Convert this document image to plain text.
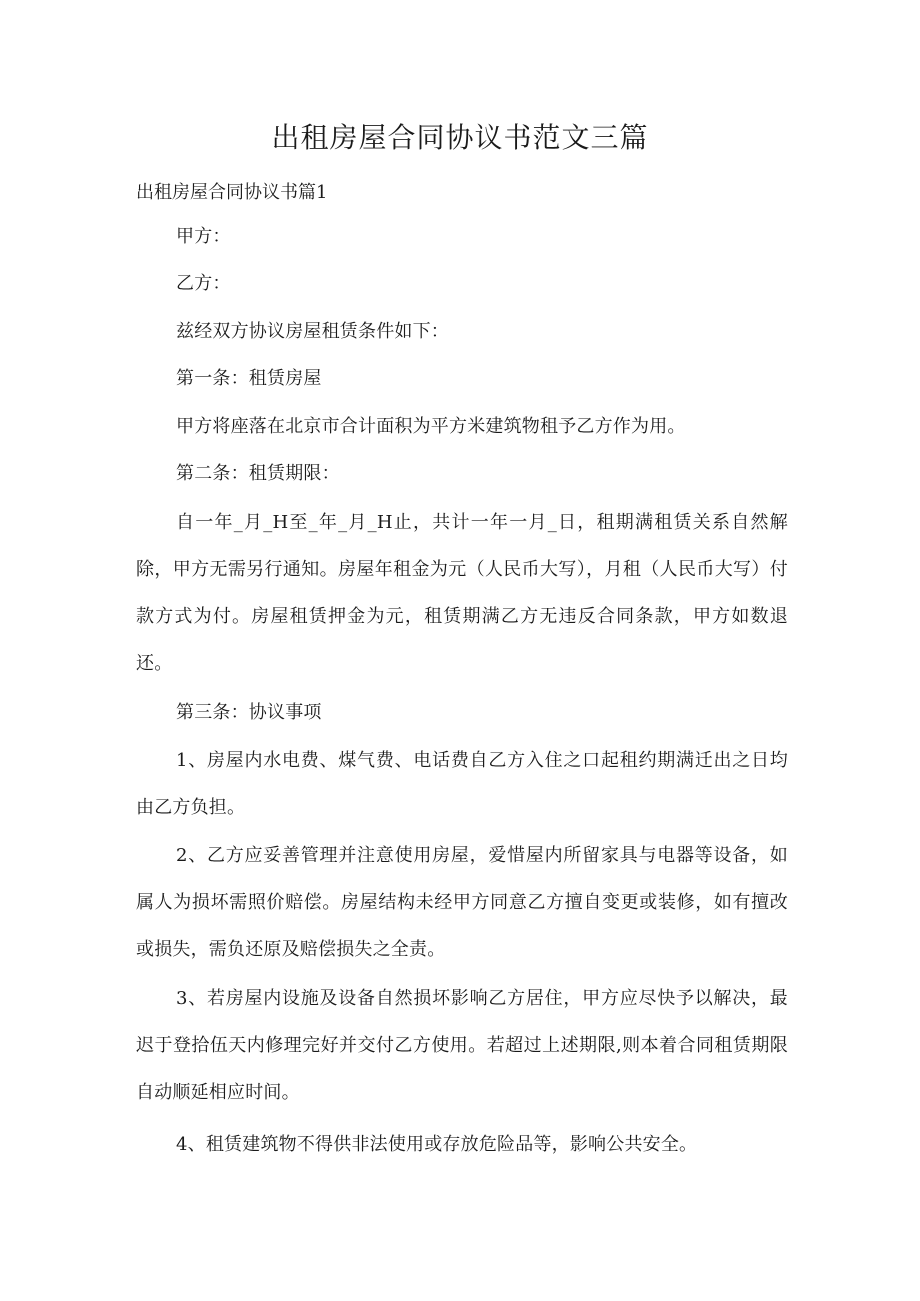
出租房屋合同协议书范文三篇

出租房屋合同协议书篇1

甲方：

乙方：

兹经双方协议房屋租赁条件如下：

第一条：租赁房屋

甲方将座落在北京市合计面积为平方米建筑物租予乙方作为用。

第二条：租赁期限：

自一年_月_H至_年_月_H止，共计一年一月_日，租期满租赁关系自然解除，甲方无需另行通知。房屋年租金为元（人民币大写），月租（人民币大写）付款方式为付。房屋租赁押金为元，租赁期满乙方无违反合同条款，甲方如数退还。

第三条：协议事项

1、房屋内水电费、煤气费、电话费自乙方入住之口起租约期满迁出之日均由乙方负担。

2、乙方应妥善管理并注意使用房屋，爱惜屋内所留家具与电器等设备，如属人为损坏需照价赔偿。房屋结构未经甲方同意乙方擅自变更或装修，如有擅改或损失，需负还原及赔偿损失之全责。

3、若房屋内设施及设备自然损坏影响乙方居住，甲方应尽快予以解决，最迟于登拾伍天内修理完好并交付乙方使用。若超过上述期限,则本着合同租赁期限自动顺延相应时间。

4、租赁建筑物不得供非法使用或存放危险品等，影响公共安全。
